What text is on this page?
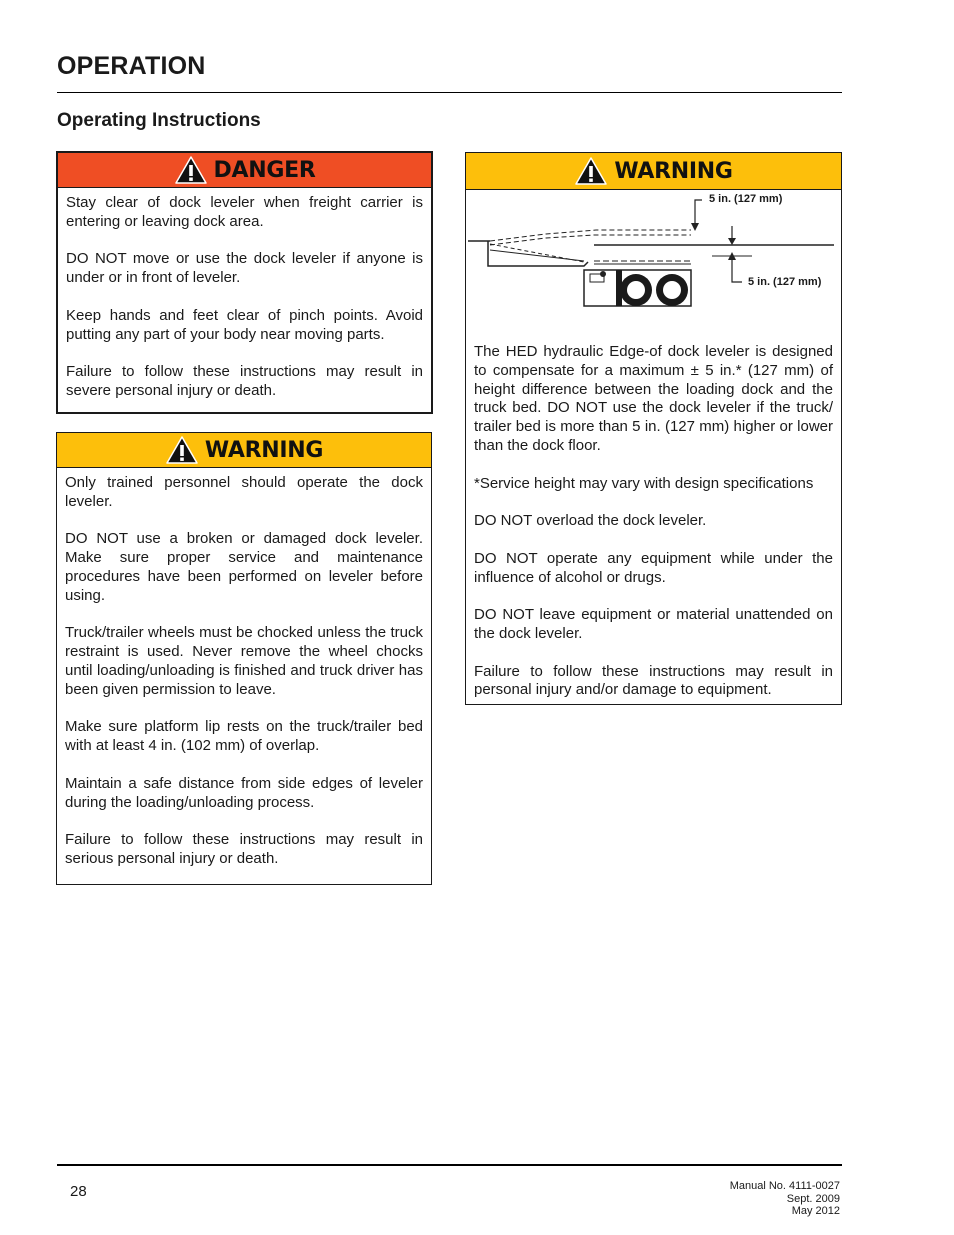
OPERATION
Operating Instructions
DANGER

Stay clear of dock leveler when freight carrier is entering or leaving dock area.

DO NOT move or use the dock leveler if anyone is under or in front of leveler.

Keep hands and feet clear of pinch points. Avoid putting any part of your body near moving parts.

Failure to follow these instructions may result in severe personal injury or death.

WARNING

Only trained personnel should operate the dock leveler.

DO NOT use a broken or damaged dock leveler. Make sure proper service and maintenance procedures have been performed on leveler before using.

Truck/trailer wheels must be chocked unless the truck restraint is used. Never remove the wheel chocks until loading/unloading is finished and truck driver has been given permission to leave.

Make sure platform lip rests on the truck/trailer bed with at least 4 in. (102 mm) of overlap.

Maintain a safe distance from side edges of leveler during the loading/unloading process.

Failure to follow these instructions may result in serious personal injury or death.

WARNING
5 in. (127 mm)
5 in. (127 mm)

The HED hydraulic Edge-of dock leveler is designed to compensate for a maximum ± 5 in.* (127 mm) of height difference between the loading dock and the truck bed. DO NOT use the dock leveler if the truck/ trailer bed is more than 5 in. (127 mm) higher or lower than the dock floor.

*Service height may vary with design specifications

DO NOT overload the dock leveler.

DO NOT operate any equipment while under the influence of alcohol or drugs.

DO NOT leave equipment or material unattended on the dock leveler.

Failure to follow these instructions may result in personal injury and/or damage to equipment.

28	Manual No. 4111-0027
Sept. 2009
May 2012
